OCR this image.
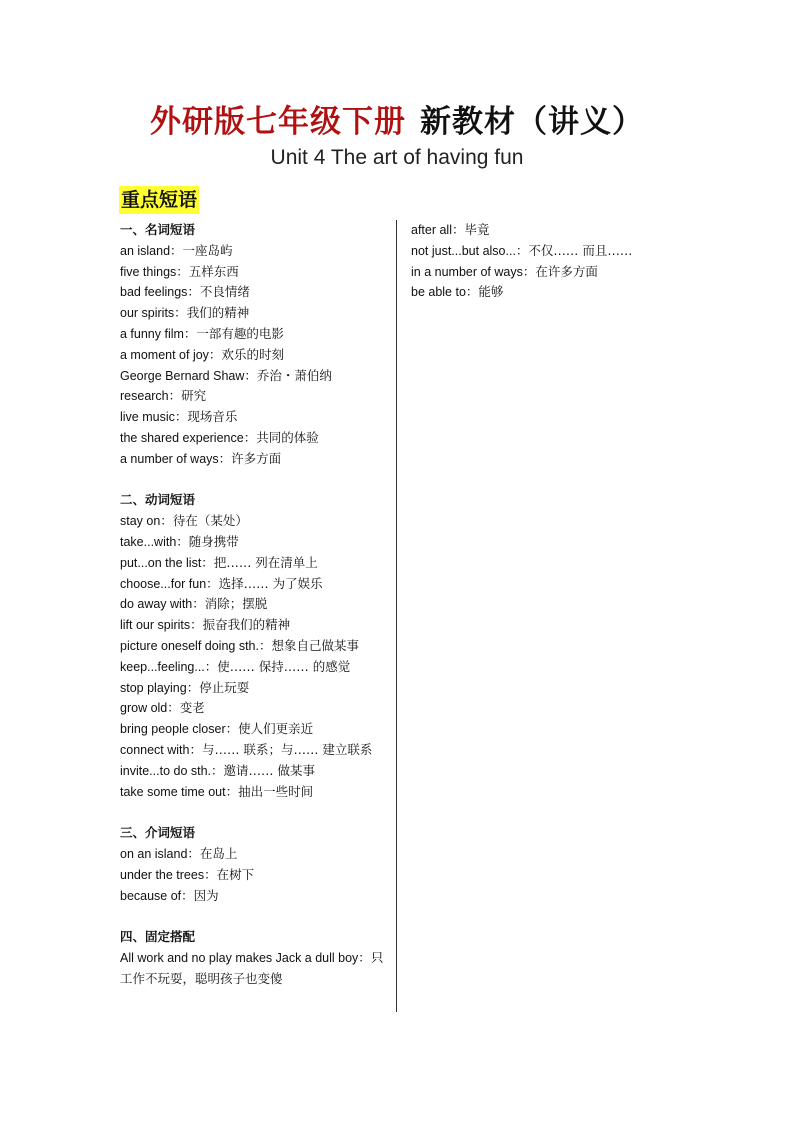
外研版七年级下册 新教材（讲义）
Unit 4 The art of having fun
重点短语
一、名词短语
an island：一座岛屿
five things：五样东西
bad feelings：不良情绪
our spirits：我们的精神
a funny film：一部有趣的电影
a moment of joy：欢乐的时刻
George Bernard Shaw：乔治・萧伯纳
research：研究
live music：现场音乐
the shared experience：共同的体验
a number of ways：许多方面
二、动词短语
stay on：待在（某处）
take...with：随身携带
put...on the list：把…… 列在清单上
choose...for fun：选择…… 为了娱乐
do away with：消除；摆脱
lift our spirits：振奋我们的精神
picture oneself doing sth.：想象自己做某事
keep...feeling...：使…… 保持…… 的感觉
stop playing：停止玩耍
grow old：变老
bring people closer：使人们更亲近
connect with：与…… 联系；与…… 建立联系
invite...to do sth.：邀请…… 做某事
take some time out：抽出一些时间
三、介词短语
on an island：在岛上
under the trees：在树下
because of：因为
四、固定搭配
All work and no play makes Jack a dull boy：只工作不玩耍，聪明孩子也变傻
after all：毕竟
not just...but also...：不仅…… 而且……
in a number of ways：在许多方面
be able to：能够
